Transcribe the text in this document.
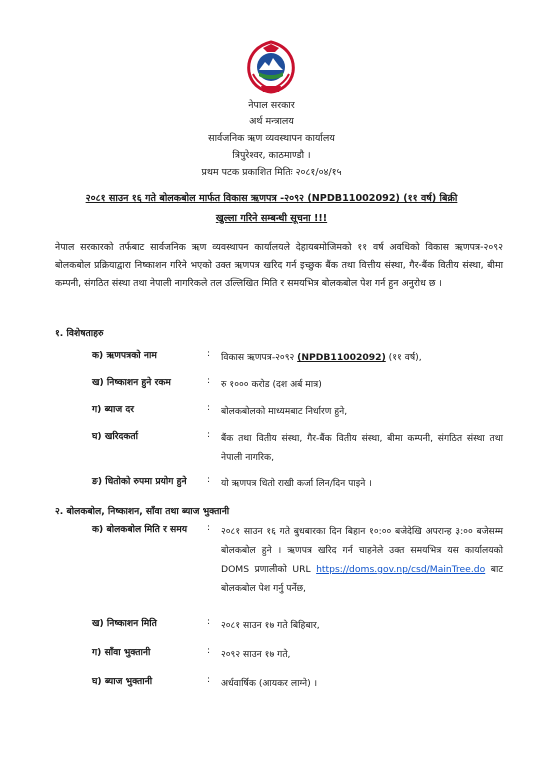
नेपाल सरकार
अर्थ मन्त्रालय
सार्वजनिक ऋण व्यवस्थापन कार्यालय
त्रिपुरेश्वर, काठमाण्डौ ।
प्रथम पटक प्रकाशित मितिः २०८१/०४/१५
२०८१ साउन १६ गते बोलकबोल मार्फत विकास ऋणपत्र -२०९२ (NPDB11002092) (११ वर्ष) बिक्री
खुल्ला गरिने सम्बन्धी सूचना !!!
नेपाल सरकारको तर्फबाट सार्वजनिक ऋण व्यवस्थापन कार्यालयले देहायबमोजिमको ११ वर्ष अवधिको विकास ऋणपत्र-२०९२ बोलकबोल प्रक्रियाद्वारा निष्काशन गरिने भएको उक्त ऋणपत्र खरिद गर्न इच्छुक बैंक तथा वित्तीय संस्था, गैर-बैंक वितीय संस्था, बीमा कम्पनी, संगठित संस्था तथा नेपाली नागरिकले तल उल्लिखित मिति र समयभित्र बोलकबोल पेश गर्न हुन अनुरोध छ ।
१. विशेषताहरु
क) ऋणपत्रको नाम	: विकास ऋणपत्र-२०९२ (NPDB11002092) (११ वर्ष),
ख) निष्काशन हुने रकम	: रु १००० करोड (दश अर्ब मात्र)
ग) ब्याज दर	: बोलकबोलको माध्यमबाट निर्धारण हुने,
घ) खरिदकर्ता	: बैंक तथा वितीय संस्था, गैर-बैंक वितीय संस्था, बीमा कम्पनी, संगठित संस्था तथा नेपाली नागरिक,
ङ) धितोको रुपमा प्रयोग हुने	: यो ऋणपत्र धितो राखी कर्जा लिन/दिन पाइने ।
२. बोलकबोल, निष्काशन, साँवा तथा ब्याज भुक्तानी
क) बोलकबोल मिति र समय	: २०८१ साउन १६ गते बुधबारका दिन बिहान १०:०० बजेदेखि अपरान्ह ३:०० बजेसम्म बोलकबोल हुने । ऋणपत्र खरिद गर्न चाहनेले उक्त समयभित्र यस कार्यालयको DOMS प्रणालीको URL https://doms.gov.np/csd/MainTree.do बाट बोलकबोल पेश गर्नु पर्नेछ,
ख) निष्काशन मिति	: २०८१ साउन १७ गते बिहिबार,
ग) साँवा भुक्तानी	: २०९२ साउन १७ गते,
घ) ब्याज भुक्तानी	: अर्धवार्षिक (आयकर लाग्ने) ।
